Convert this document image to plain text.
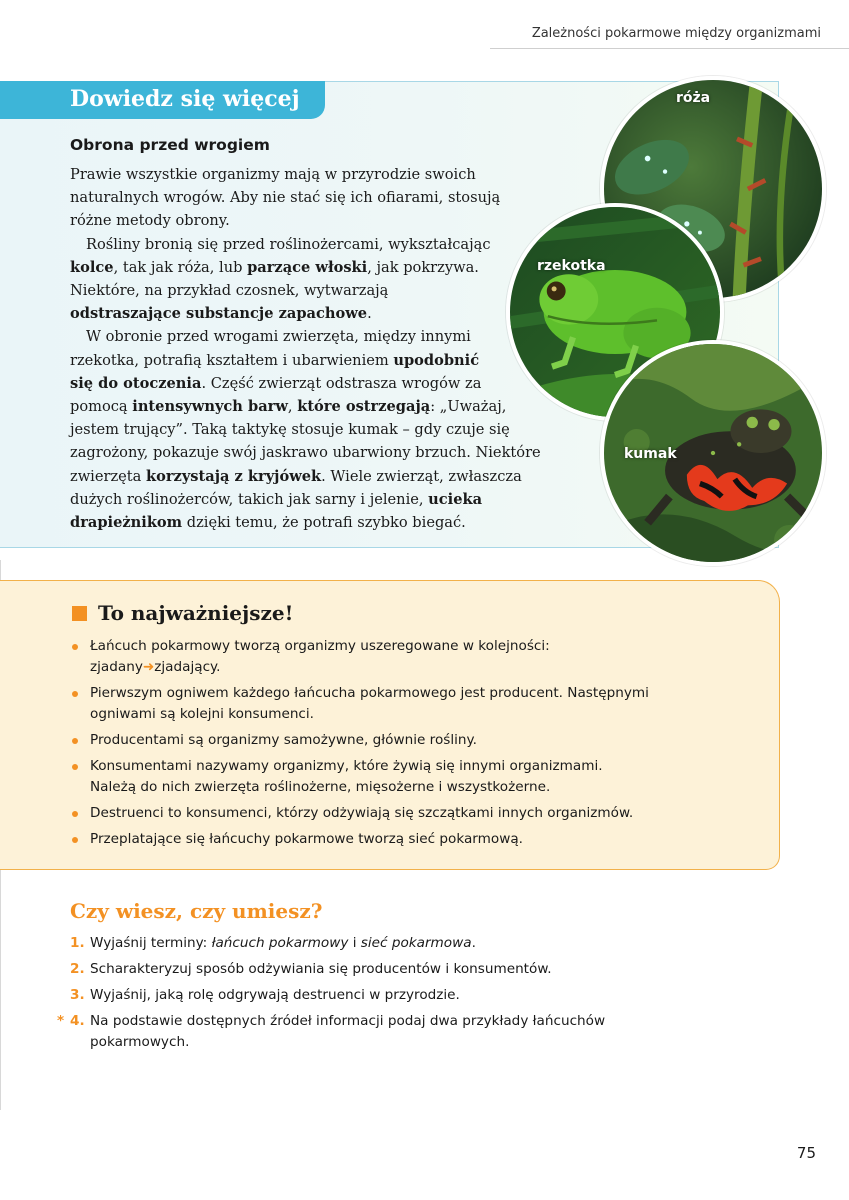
Zależności pokarmowe między organizmami
Dowiedz się więcej
Obrona przed wrogiem
Prawie wszystkie organizmy mają w przyrodzie swoich
naturalnych wrogów. Aby nie stać się ich ofiarami, stosują
różne metody obrony.
Rośliny bronią się przed roślinożercami, wykształcając
kolce, tak jak róża, lub parzące włoski, jak pokrzywa.
Niektóre, na przykład czosnek, wytwarzają
odstraszające substancje zapachowe.
W obronie przed wrogami zwierzęta, między innymi
rzekotka, potrafią kształtem i ubarwieniem upodobnić
się do otoczenia. Część zwierząt odstrasza wrogów za
pomocą intensywnych barw, które ostrzegają: „Uważaj,
jestem trujący”. Taką taktykę stosuje kumak – gdy czuje się
zagrożony, pokazuje swój jaskrawo ubarwiony brzuch. Niektóre
zwierzęta korzystają z kryjówek. Wiele zwierząt, zwłaszcza
dużych roślinożerców, takich jak sarny i jelenie, ucieka
drapieżnikom dzięki temu, że potrafi szybko biegać.
róża
rzekotka
kumak
To najważniejsze!
Łańcuch pokarmowy tworzą organizmy uszeregowane w kolejności:
zjadany➜zjadający.
Pierwszym ogniwem każdego łańcucha pokarmowego jest producent. Następnymi
ogniwami są kolejni konsumenci.
Producentami są organizmy samożywne, głównie rośliny.
Konsumentami nazywamy organizmy, które żywią się innymi organizmami.
Należą do nich zwierzęta roślinożerne, mięsożerne i wszystkożerne.
Destruenci to konsumenci, którzy odżywiają się szczątkami innych organizmów.
Przeplatające się łańcuchy pokarmowe tworzą sieć pokarmową.
Czy wiesz, czy umiesz?
1. Wyjaśnij terminy: łańcuch pokarmowy i sieć pokarmowa.
2. Scharakteryzuj sposób odżywiania się producentów i konsumentów.
3. Wyjaśnij, jaką rolę odgrywają destruenci w przyrodzie.
* 4. Na podstawie dostępnych źródeł informacji podaj dwa przykłady łańcuchów
pokarmowych.
75
